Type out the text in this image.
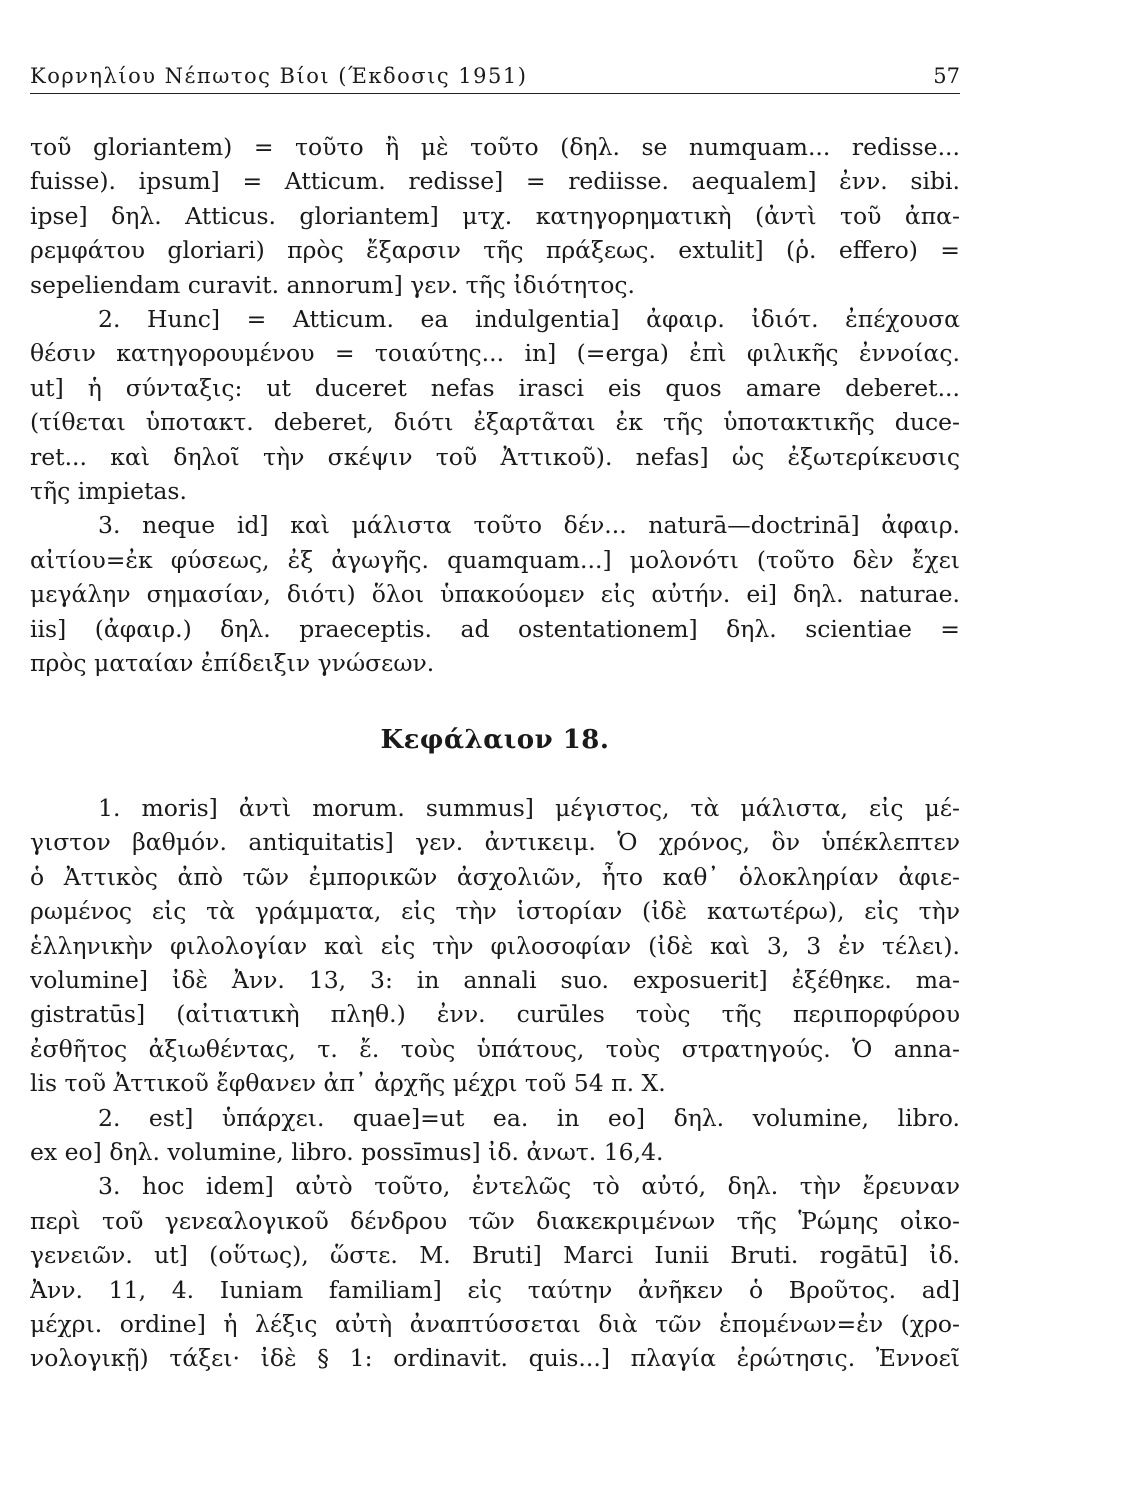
Κορνηλίου Νέπωτος Βίοι (Έκδοσις 1951)	57
τοῦ gloriantem) = τοῦτο ἢ μὲ τοῦτο (δηλ. se numquam... redisse...
fuisse). ipsum] = Atticum. redisse] = rediisse. aequalem] ἐνν. sibi.
ipse] δηλ. Atticus. gloriantem] μτχ. κατηγορηματικὴ (ἀντὶ τοῦ ἀπα-
ρεμφάτου gloriari) πρὸς ἔξαρσιν τῆς πράξεως. extulit] (ῥ. effero) =
sepeliendam curavit. annorum] γεν. τῆς ἰδιότητος.
2. Hunc] = Atticum. ea indulgentia] ἀφαιρ. ἰδιότ. ἐπέχουσα
θέσιν κατηγορουμένου = τοιαύτης... in] (=erga) ἐπὶ φιλικῆς ἐννοίας.
ut] ἡ σύνταξις: ut duceret nefas irasci eis quos amare deberet...
(τίθεται ὑποτακτ. deberet, διότι ἐξαρτᾶται ἐκ τῆς ὑποτακτικῆς duce-
ret... καὶ δηλοῖ τὴν σκέψιν τοῦ Ἀττικοῦ). nefas] ὡς ἐξωτερίκευσις
τῆς impietas.
3. neque id] καὶ μάλιστα τοῦτο δέν... naturā—doctrinā] ἀφαιρ.
αἰτίου=ἐκ φύσεως, ἐξ ἀγωγῆς. quamquam...] μολονότι (τοῦτο δὲν ἔχει
μεγάλην σημασίαν, διότι) ὅλοι ὑπακούομεν εἰς αὐτήν. ei] δηλ. naturae.
iis] (ἀφαιρ.) δηλ. praeceptis. ad ostentationem] δηλ. scientiae =
πρὸς ματαίαν ἐπίδειξιν γνώσεων.
Κεφάλαιον 18.
1. moris] ἀντὶ morum. summus] μέγιστος, τὰ μάλιστα, εἰς μέ-
γιστον βαθμόν. antiquitatis] γεν. ἀντικειμ. Ὁ χρόνος, ὃν ὑπέκλεπτεν
ὁ Ἀττικὸς ἀπὸ τῶν ἐμπορικῶν ἀσχολιῶν, ἦτο καθ᾽ ὁλοκληρίαν ἀφιε-
ρωμένος εἰς τὰ γράμματα, εἰς τὴν ἱστορίαν (ἰδὲ κατωτέρω), εἰς τὴν
ἑλληνικὴν φιλολογίαν καὶ εἰς τὴν φιλοσοφίαν (ἰδὲ καὶ 3, 3 ἐν τέλει).
volumine] ἰδὲ Ἀνν. 13, 3: in annali suo. exposuerit] ἐξέθηκε. ma-
gistratūs] (αἰτιατικὴ πληθ.) ἐνν. curūles τοὺς τῆς περιπορφύρου
ἐσθῆτος ἀξιωθέντας, τ. ἔ. τοὺς ὑπάτους, τοὺς στρατηγούς. Ὁ anna-
lis τοῦ Ἀττικοῦ ἔφθανεν ἀπ᾽ ἀρχῆς μέχρι τοῦ 54 π. Χ.
2. est] ὑπάρχει. quae]=ut ea. in eo] δηλ. volumine, libro.
ex eo] δηλ. volumine, libro. possīmus] ἰδ. ἀνωτ. 16,4.
3. hoc idem] αὐτὸ τοῦτο, ἐντελῶς τὸ αὐτό, δηλ. τὴν ἔρευναν
περὶ τοῦ γενεαλογικοῦ δένδρου τῶν διακεκριμένων τῆς Ῥώμης οἰκο-
γενειῶν. ut] (οὕτως), ὥστε. M. Bruti] Marci Iunii Bruti. rogātū] ἰδ.
Ἀνν. 11, 4. Iuniam familiam] εἰς ταύτην ἀνῆκεν ὁ Βροῦτος. ad]
μέχρι. ordine] ἡ λέξις αὐτὴ ἀναπτύσσεται διὰ τῶν ἑπομένων=ἐν (χρο-
νολογικῇ) τάξει· ἰδὲ § 1: ordinavit. quis...] πλαγία ἐρώτησις. Ἐννοεῖ
